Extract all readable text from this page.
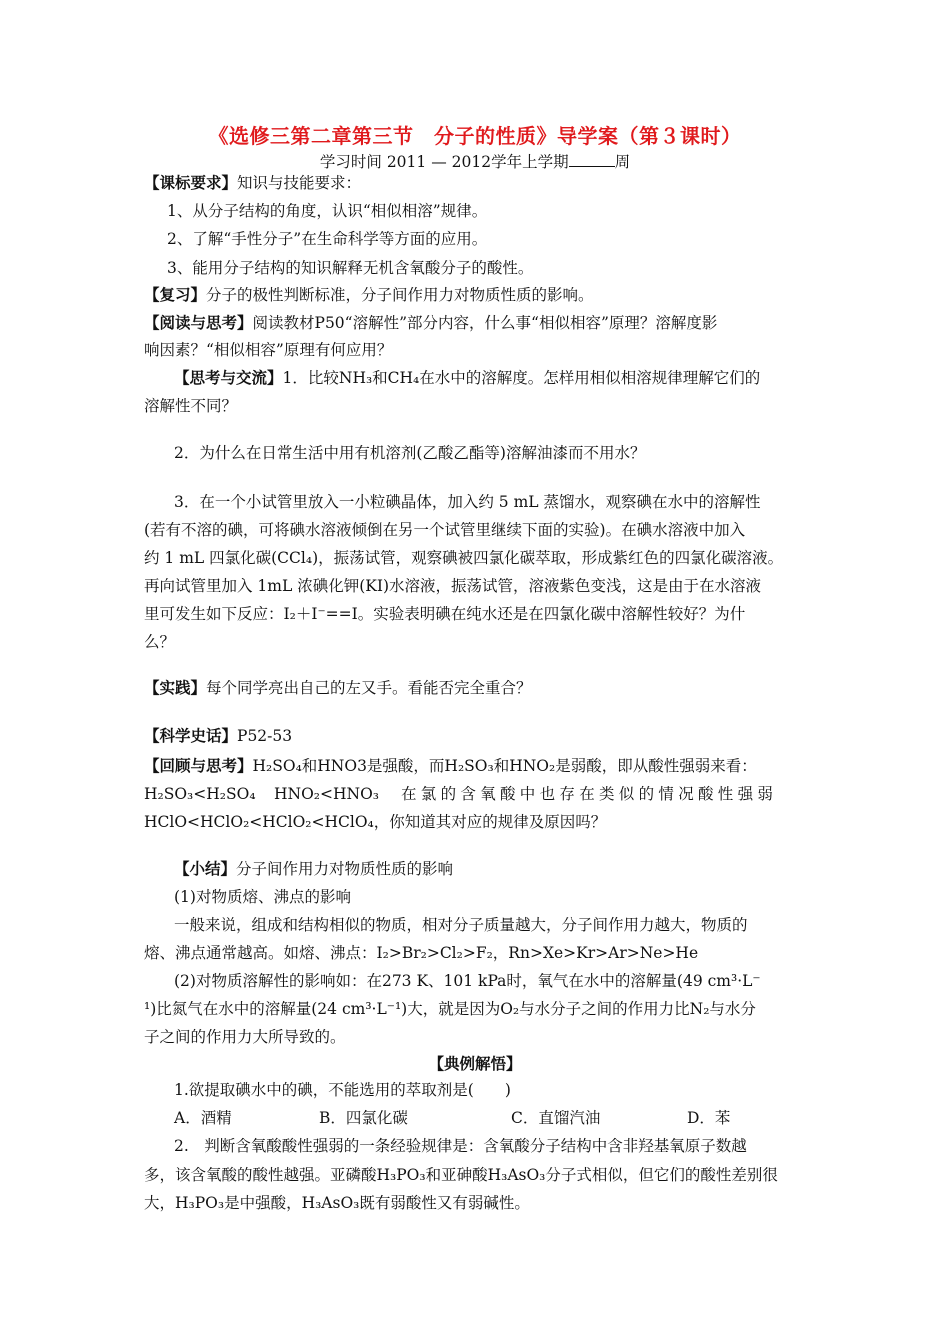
《选修三第二章第三节　分子的性质》导学案（第３课时）
学习时间 2011 — 2012学年上学期	周
【课标要求】知识与技能要求：
1、从分子结构的角度，认识“相似相溶”规律。
2、了解“手性分子”在生命科学等方面的应用。
3、能用分子结构的知识解释无机含氧酸分子的酸性。
【复习】分子的极性判断标准，分子间作用力对物质性质的影响。
【阅读与思考】阅读教材P50“溶解性”部分内容，什么事“相似相容”原理？溶解度影
响因素？“相似相容”原理有何应用？
【思考与交流】1．比较NH₃和CH₄在水中的溶解度。怎样用相似相溶规律理解它们的
溶解性不同？
2．为什么在日常生活中用有机溶剂(乙酸乙酯等)溶解油漆而不用水？
3．在一个小试管里放入一小粒碘晶体，加入约 5 mL 蒸馏水，观察碘在水中的溶解性
(若有不溶的碘，可将碘水溶液倾倒在另一个试管里继续下面的实验)。在碘水溶液中加入
约 1 mL 四氯化碳(CCl₄)，振荡试管，观察碘被四氯化碳萃取，形成紫红色的四氯化碳溶液。
再向试管里加入 1mL 浓碘化钾(KI)水溶液，振荡试管，溶液紫色变浅，这是由于在水溶液
里可发生如下反应：I₂＋I⁻==I。实验表明碘在纯水还是在四氯化碳中溶解性较好？为什
么？
【实践】每个同学亮出自己的左又手。看能否完全重合？
【科学史话】P52-53
【回顾与思考】H₂SO₄和HNO3是强酸，而H₂SO₃和HNO₂是弱酸，即从酸性强弱来看：
H₂SO₃<H₂SO₄ HNO₂<HNO₃ 在氯的含氧酸中也存在类似的情况酸性强弱
HClO<HClO₂<HClO₂<HClO₄，你知道其对应的规律及原因吗？
【小结】分子间作用力对物质性质的影响
(1)对物质熔、沸点的影响
一般来说，组成和结构相似的物质，相对分子质量越大，分子间作用力越大，物质的
熔、沸点通常越高。如熔、沸点：I₂>Br₂>Cl₂>F₂，Rn>Xe>Kr>Ar>Ne>He
(2)对物质溶解性的影响如：在273 K、101 kPa时，氧气在水中的溶解量(49 cm³·L⁻
¹)比氮气在水中的溶解量(24 cm³·L⁻¹)大，就是因为O₂与水分子之间的作用力比N₂与水分
子之间的作用力大所导致的。
【典例解悟】
1.欲提取碘水中的碘，不能选用的萃取剂是(　　)
A．酒精	B．四氯化碳	C．直馏汽油	D．苯
2.　判断含氧酸酸性强弱的一条经验规律是：含氧酸分子结构中含非羟基氧原子数越
多，该含氧酸的酸性越强。亚磷酸H₃PO₃和亚砷酸H₃AsO₃分子式相似，但它们的酸性差别很
大，H₃PO₃是中强酸，H₃AsO₃既有弱酸性又有弱碱性。
